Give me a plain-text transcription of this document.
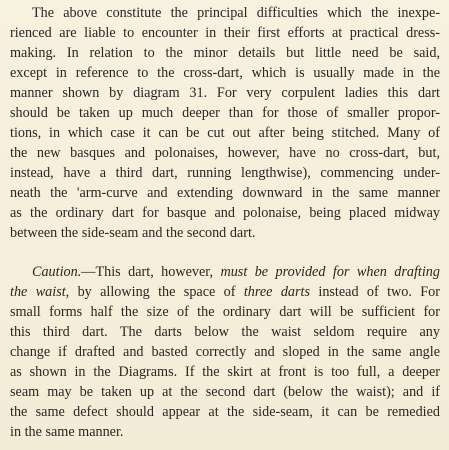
The above constitute the principal difficulties which the inexpe-
rienced are liable to encounter in their first efforts at practical dress-
making. In relation to the minor details but little need be said,
except in reference to the cross-dart, which is usually made in the
manner shown by diagram 31. For very corpulent ladies this dart
should be taken up much deeper than for those of smaller propor-
tions, in which case it can be cut out after being stitched. Many of
the new basques and polonaises, however, have no cross-dart, but,
instead, have a third dart, running lengthwise), commencing under-
neath the 'arm-curve and extending downward in the same manner
as the ordinary dart for basque and polonaise, being placed midway
between the side-seam and the second dart.
Caution.—This dart, however, must be provided for when drafting
the waist, by allowing the space of three darts instead of two. For
small forms half the size of the ordinary dart will be sufficient for
this third dart. The darts below the waist seldom require any
change if drafted and basted correctly and sloped in the same angle
as shown in the Diagrams. If the skirt at front is too full, a deeper
seam may be taken up at the second dart (below the waist); and if
the same defect should appear at the side-seam, it can be remedied
in the same manner.
